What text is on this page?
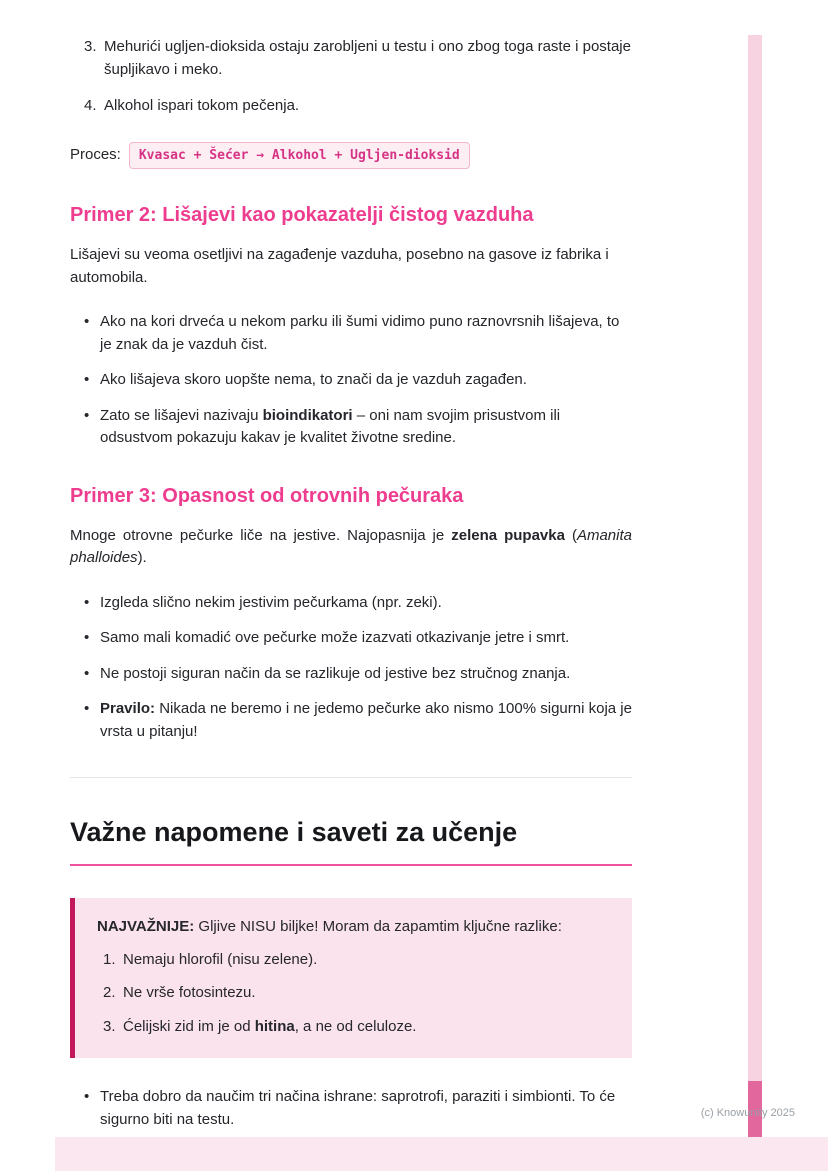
3. Mehurići ugljen-dioksida ostaju zarobljeni u testu i ono zbog toga raste i postaje šupljikavo i meko.
4. Alkohol ispari tokom pečenja.
Proces:	Kvasac + Šećer → Alkohol + Ugljen-dioksid
Primer 2: Lišajevi kao pokazatelji čistog vazduha

Lišajevi su veoma osetljivi na zagađenje vazduha, posebno na gasove iz fabrika i automobila.

•
Ako na kori drveća u nekom parku ili šumi vidimo puno raznovrsnih lišajeva, to je znak da je vazduh čist.
•
Ako lišajeva skoro uopšte nema, to znači da je vazduh zagađen.
•
Zato se lišajevi nazivaju bioindikatori – oni nam svojim prisustvom ili odsustvom pokazuju kakav je kvalitet životne sredine.
Primer 3: Opasnost od otrovnih pečuraka

Mnoge otrovne pečurke liče na jestive. Najopasnija je zelena pupavka (Amanita phalloides).

•
Izgleda slično nekim jestivim pečurkama (npr. zeki).
•
Samo mali komadić ove pečurke može izazvati otkazivanje jetre i smrt.
•
Ne postoji siguran način da se razlikuje od jestive bez stručnog znanja.
•
Pravilo: Nikada ne beremo i ne jedemo pečurke ako nismo 100% sigurni koja je vrsta u pitanju!
Važne napomene i saveti za učenje

NAJVAŽNIJE: Gljive NISU biljke! Moram da zapamtim ključne razlike:

1. Nemaju hlorofil (nisu zelene).
2. Ne vrše fotosintezu.
3. Ćelijski zid im je od hitina, a ne od celuloze.
•
Treba dobro da naučim tri načina ishrane: saprotrofi, paraziti i simbionti. To će sigurno biti na testu.	(c) Knowunity 2025
